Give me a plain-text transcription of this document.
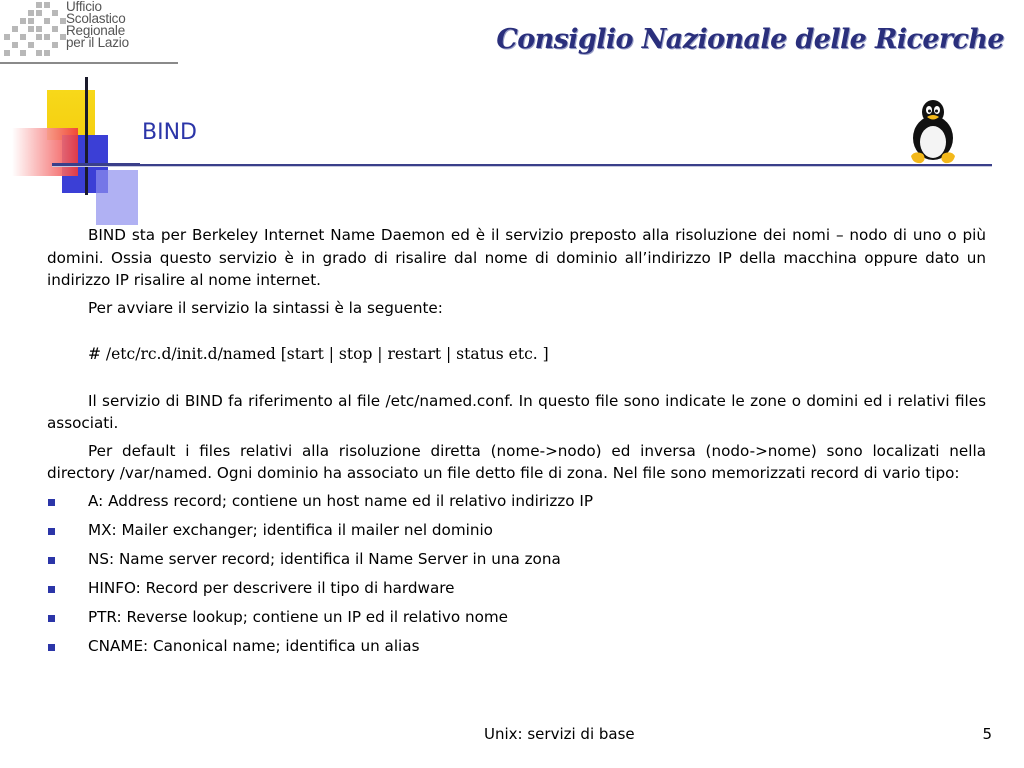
Ufficio
Scolastico
Regionale
per il Lazio	Consiglio Nazionale delle Ricerche
BIND

BIND sta per Berkeley Internet Name Daemon ed è il servizio preposto alla risoluzione dei nomi – nodo di uno o più domini. Ossia questo servizio è in grado di risalire dal nome di dominio all’indirizzo IP della macchina oppure dato un indirizzo IP risalire al nome internet.

Per avviare il servizio la sintassi è la seguente:

# /etc/rc.d/init.d/named [start | stop | restart | status etc. ]

Il servizio di BIND fa riferimento al file /etc/named.conf. In questo file sono indicate le zone o domini ed i relativi files associati.

Per default i files relativi alla risoluzione diretta (nome->nodo) ed inversa (nodo->nome) sono localizati nella directory /var/named. Ogni dominio ha associato un file detto file di zona. Nel file sono memorizzati record di vario tipo:

A: Address record; contiene un host name ed il relativo indirizzo IP
MX: Mailer exchanger; identifica il mailer nel dominio
NS: Name server record; identifica il Name Server in una zona
HINFO: Record per descrivere il tipo di hardware
PTR: Reverse lookup; contiene un IP ed il relativo nome
CNAME: Canonical name; identifica un alias
Unix: servizi di base	5
